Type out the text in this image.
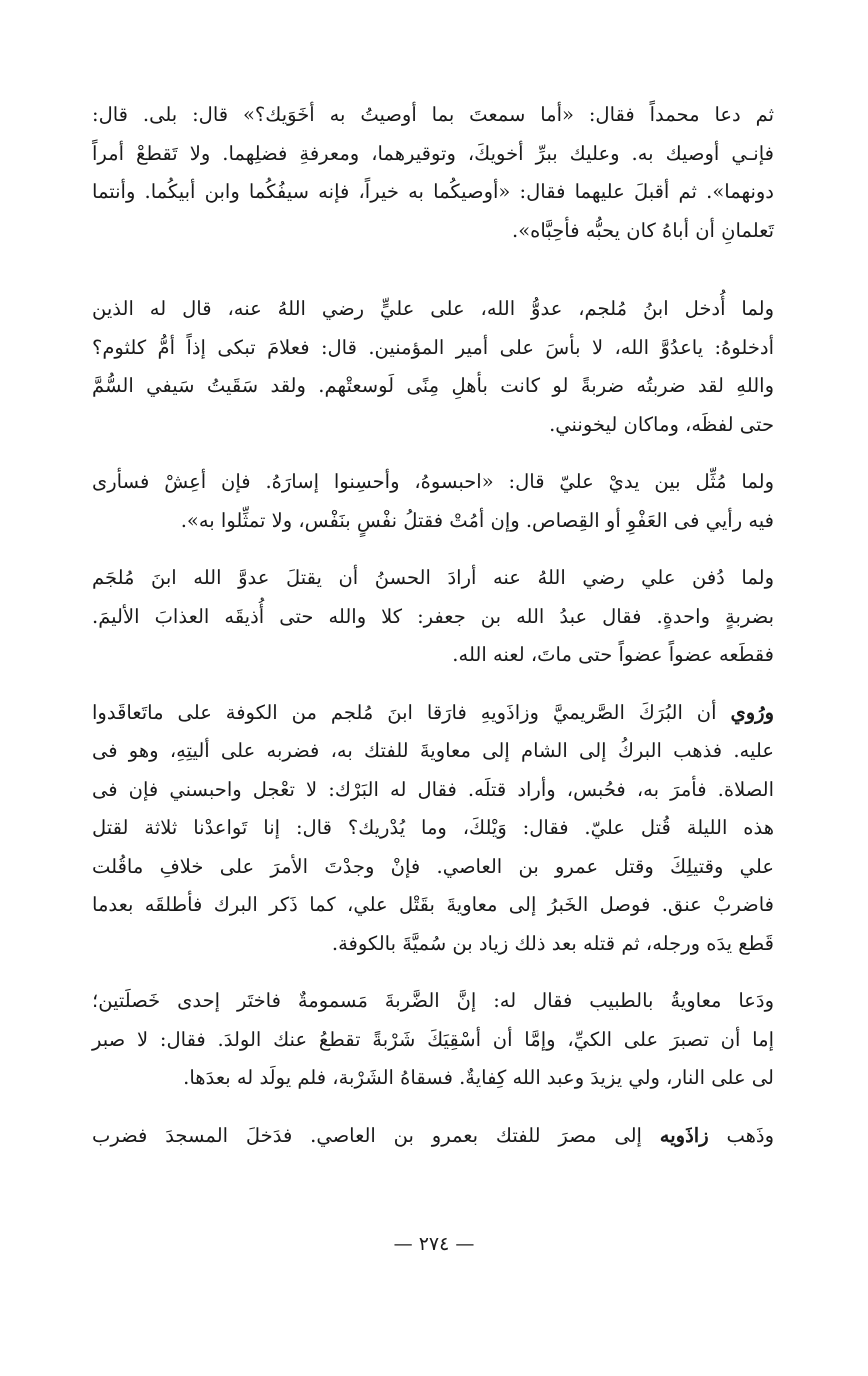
ثم دعا محمداً فقال: «أما سمعتَ بما أوصيتُ به أخَوَيك؟» قال: بلى. قال:
فإنـي أوصيك به. وعليك ببرِّ أخويكَ، وتوقيرهما، ومعرفةِ فضلِهما. ولا تَقطعْ أمراً
دونهما». ثم أقبلَ عليهما فقال: «أوصيكُما به خيراً، فإنه سيفُكُما وابن أبيكُما. وأنتما
تَعلمانِ أن أباهُ كان يحبُّه فأحِبَّاه».

ولما أُدخل ابنُ مُلجم، عدوُّ الله، على عليٍّ رضي اللهُ عنه، قال له الذين
أدخلوهُ: ياعدُوَّ الله، لا بأسَ على أمير المؤمنين. قال: فعلامَ تبكى إذاً أمُّ كلثوم؟
واللهِ لقد ضربتُه ضربةً لو كانت بأهلِ مِنًى لَوسعتْهم. ولقد سَقَيتُ سَيفي السُّمَّ
حتى لفظَه، وماكان ليخونني.

ولما مُثِّل بين يديْ عليّ قال: «احبسوهُ، وأحسِنوا إسارَهُ. فإن أعِشْ فسأرى
فيه رأيي فى العَفْوِ أو القِصاص. وإن أمُتْ فقتلُ نفْسٍ بنَفْس، ولا تمثِّلوا به».

ولما دُفن علي رضي اللهُ عنه أرادَ الحسنُ أن يقتلَ عدوَّ الله ابنَ مُلجَم
بضربةٍ واحدةٍ. فقال عبدُ الله بن جعفر: كلا والله حتى أُذيقَه العذابَ الأليمَ.
فقطَعه عضواً عضواً حتى ماتَ، لعنه الله.

ورُوي أن البُرَكَ الصَّريميَّ وزاذَويهِ فارَقا ابنَ مُلجم من الكوفة على ماتَعاقَدوا
عليه. فذهب البركُ إلى الشام إلى معاويةَ للفتك به، فضربه على أليتِهِ، وهو فى
الصلاة. فأمرَ به، فحُبس، وأراد قتلَه. فقال له البَرْك: لا تعْجل واحبسني فإن فى
هذه الليلة قُتل عليّ. فقال: وَيْلكَ، وما يُدْريك؟ قال: إنا تَواعدْنا ثلاثة لقتل
علي وقتيلِكَ وقتل عمرو بن العاصي. فإنْ وجدْتَ الأمرَ على خلافِ ماقُلت
فاضربْ عنق. فوصل الخَبرُ إلى معاويةَ بقَتْل علي، كما ذَكر البرك فأطلقَه بعدما
قَطع يدَه ورجله، ثم قتله بعد ذلك زياد بن سُميَّةَ بالكوفة.

ودَعا معاويةُ بالطبيب فقال له: إنَّ الضَّربةَ مَسمومةٌ فاختَر إحدى خَصلَتين؛
إما أن تصبرَ على الكيِّ، وإمَّا أن أسْقِيَكَ شَرْبةً تقطعُ عنك الولدَ. فقال: لا صبر
لى على النار، ولي يزيدَ وعبد الله كِفايةٌ. فسقاهُ الشَرْبة، فلم يولَد له بعدَها.

وذَهب زاذَويه إلى مصرَ للفتك بعمرو بن العاصي. فدَخلَ المسجدَ فضرب

— ٢٧٤ —
